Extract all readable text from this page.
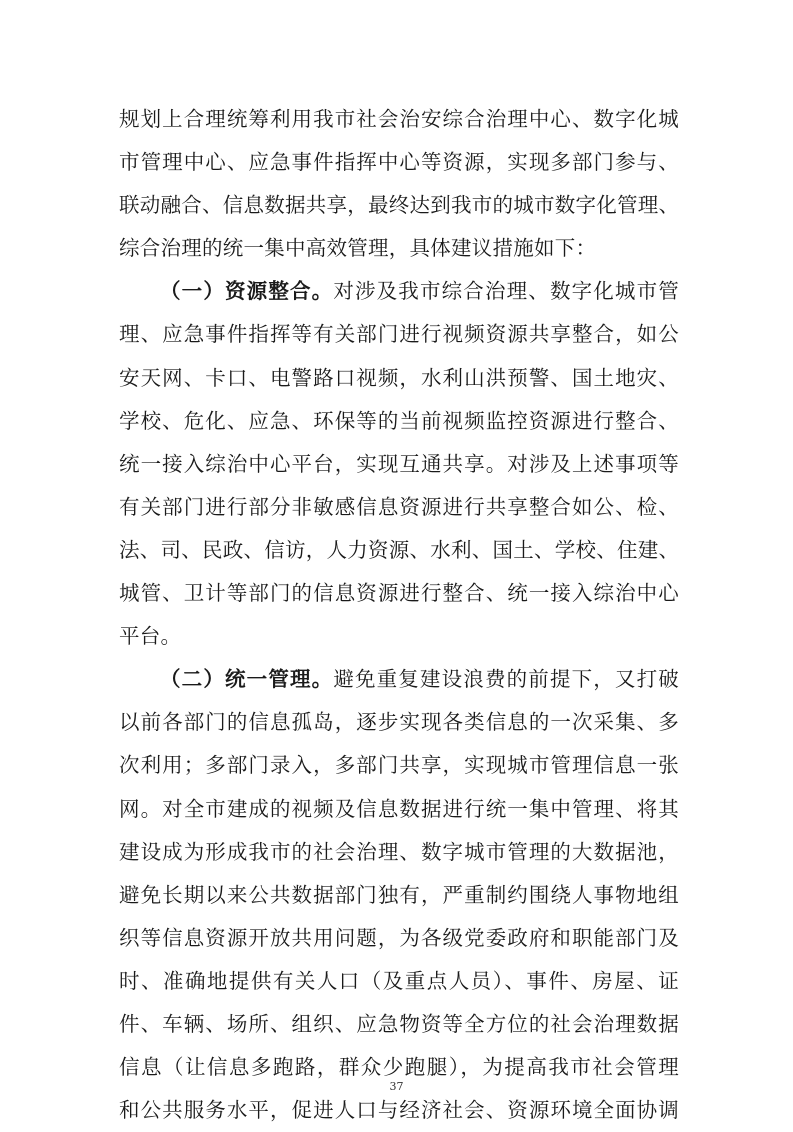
规划上合理统筹利用我市社会治安综合治理中心、数字化城
市管理中心、应急事件指挥中心等资源，实现多部门参与、
联动融合、信息数据共享，最终达到我市的城市数字化管理、
综合治理的统一集中高效管理，具体建议措施如下：
（一）资源整合。对涉及我市综合治理、数字化城市管
理、应急事件指挥等有关部门进行视频资源共享整合，如公
安天网、卡口、电警路口视频，水利山洪预警、国土地灾、
学校、危化、应急、环保等的当前视频监控资源进行整合、
统一接入综治中心平台，实现互通共享。对涉及上述事项等
有关部门进行部分非敏感信息资源进行共享整合如公、检、
法、司、民政、信访，人力资源、水利、国土、学校、住建、
城管、卫计等部门的信息资源进行整合、统一接入综治中心
平台。
（二）统一管理。避免重复建设浪费的前提下，又打破
以前各部门的信息孤岛，逐步实现各类信息的一次采集、多
次利用；多部门录入，多部门共享，实现城市管理信息一张
网。对全市建成的视频及信息数据进行统一集中管理、将其
建设成为形成我市的社会治理、数字城市管理的大数据池，
避免长期以来公共数据部门独有，严重制约围绕人事物地组
织等信息资源开放共用问题，为各级党委政府和职能部门及
时、准确地提供有关人口（及重点人员）、事件、房屋、证
件、车辆、场所、组织、应急物资等全方位的社会治理数据
信息（让信息多跑路，群众少跑腿），为提高我市社会管理
和公共服务水平，促进人口与经济社会、资源环境全面协调
37
